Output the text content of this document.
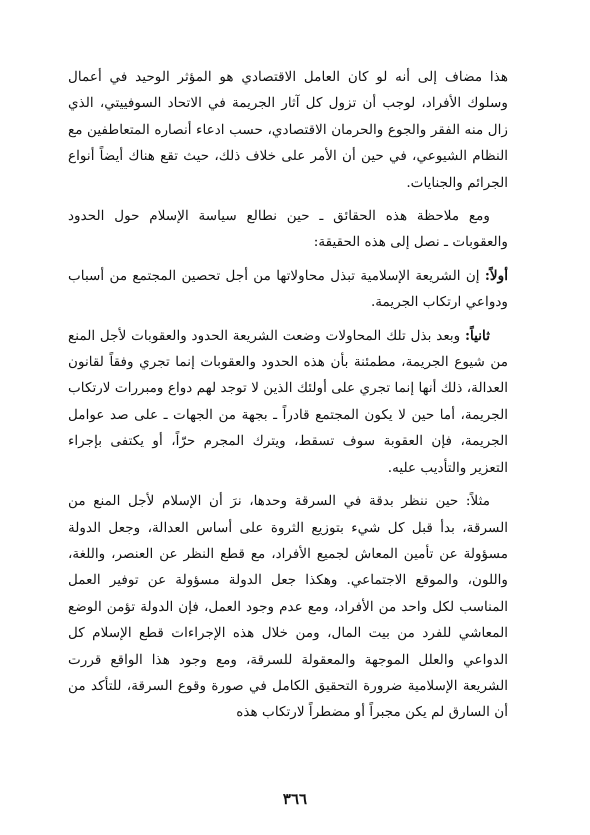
هذا مضاف إلى أنه لو كان العامل الاقتصادي هو المؤثر الوحيد في أعمال وسلوك الأفراد، لوجب أن تزول كل آثار الجريمة في الاتحاد السوفييتي، الذي زال منه الفقر والجوع والحرمان الاقتصادي، حسب ادعاء أنصاره المتعاطفين مع النظام الشيوعي، في حين أن الأمر على خلاف ذلك، حيث تقع هناك أيضاً أنواع الجرائم والجنايات.

ومع ملاحظة هذه الحقائق ـ حين نطالع سياسة الإسلام حول الحدود والعقوبات ـ نصل إلى هذه الحقيقة:

أولاً: إن الشريعة الإسلامية تبذل محاولاتها من أجل تحصين المجتمع من أسباب ودواعي ارتكاب الجريمة.

ثانياً: وبعد بذل تلك المحاولات وضعت الشريعة الحدود والعقوبات لأجل المنع من شيوع الجريمة، مطمئنة بأن هذه الحدود والعقوبات إنما تجري وفقاً لقانون العدالة، ذلك أنها إنما تجري على أولئك الذين لا توجد لهم دواع ومبررات لارتكاب الجريمة، أما حين لا يكون المجتمع قادراً ـ بجهة من الجهات ـ على صد عوامل الجريمة، فإن العقوبة سوف تسقط، ويترك المجرم حرّاً، أو يكتفى بإجراء التعزير والتأديب عليه.

مثلاً: حين ننظر بدقة في السرقة وحدها، نرَ أن الإسلام لأجل المنع من السرقة، بدأ قبل كل شيء بتوزيع الثروة على أساس العدالة، وجعل الدولة مسؤولة عن تأمين المعاش لجميع الأفراد، مع قطع النظر عن العنصر، واللغة، واللون، والموقع الاجتماعي. وهكذا جعل الدولة مسؤولة عن توفير العمل المناسب لكل واحد من الأفراد، ومع عدم وجود العمل، فإن الدولة تؤمن الوضع المعاشي للفرد من بيت المال، ومن خلال هذه الإجراءات قطع الإسلام كل الدواعي والعلل الموجهة والمعقولة للسرقة، ومع وجود هذا الواقع قررت الشريعة الإسلامية ضرورة التحقيق الكامل في صورة وقوع السرقة، للتأكد من أن السارق لم يكن مجبراً أو مضطراً لارتكاب هذه

٣٦٦
